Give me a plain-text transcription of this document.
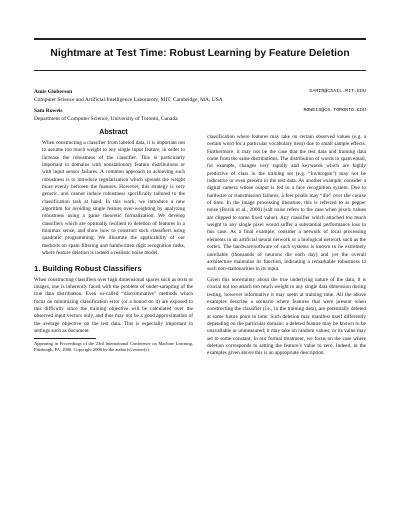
Nightmare at Test Time: Robust Learning by Feature Deletion
Amir Globerson	GAMIR@CSAIL.MIT.EDU
Computer Science and Artificial Intelligence Laboratory, MIT, Cambridge, MA, USA
Sam Roweis	ROWEIS@CS.TORONTO.EDU
Department of Computer Science, University of Toronto, Canada
Abstract

When constructing a classifier from labeled data, it is important not to assume too much weight to any single input feature, in order to increase the robustness of the classifier. This is particularly important in domains with nonstationary feature distributions or with input sensor failures. A common approach to achieving such robustness is to introduce regularization which spreads the weight more evenly between the features. However, this strategy is very generic, and cannot induce robustness specifically tailored to the classification task at hand. In this work, we introduce a new algorithm for avoiding single feature over-weighting by analyzing robustness using a game theoretic formalization. We develop classifiers which are optimally resilient to deletion of features in a minimax sense, and show how to construct such classifiers using quadratic programming. We illustrate the applicability of our methods on spam filtering and handwritten digit recognition tasks, where feature deletion is indeed a realistic noise model.

1. Building Robust Classifiers

When constructing classifiers over high dimensional spaces such as texts or images, one is inherently faced with the problem of under-sampling of the true data distribution. Even so-called “discriminative” methods which focus on minimizing classification error (or a bound on it) are exposed to this difficulty since the training objective will be calculated over the observed input vectors only, and thus may not be a good approximation of the average objective on the test data. This is especially important in settings such as document

Appearing in Proceedings of the 23rd International Conference on Machine Learning, Pittsburgh, PA, 2006. Copyright 2006 by the author(s)/owner(s).

classification where features may take on certain observed values (e.g. a certain word for a particular vocabulary item) due to small sample effects. Furthermore, it may not be the case that the test data and training data come from the same distributions. The distribution of words in spam email, for example, changes very rapidly and keywords which are highly predictive of class in the training set (e.g. “Invitrogen”) may not be indicative or even present in the test data. As another example, consider a digital camera whose output is fed to a face recognition system. Due to hardware or transmission failures, a few pixels may “die” over the course of time. In the image processing literature, this is referred to as pepper noise (Bovik et al., 2000) (salt noise refers to the case when pixels values are clipped to some fixed value). Any classifier which attached too much weight to any single pixel would suffer a substantial performance loss in this case. As a final example, consider a network of local processing elements in an artificial neural network or a biological network such as the cortex. The hardware/software of such systems is known to be extremely unreliable (thousands of neurons die each day) and yet the overall architecture maintains its function, indicating a remarkable robustness to such non-stationarities in its input.

Given this uncertainty about the true underlying nature of the data, it is crucial not too attach too much weight to any single data dimension during testing, however informative it may seem at training time. All the above examples describe a scenario where features that were present when constructing the classifier (i.e., in the training data), are potentially deleted at some future point in time. Such deletion may manifest itself differently depending on the particular domain: a deleted feature may be known to be unavailable or unmeasured; it may take on random values; or its value may set to some constant. In our formal treatment, we focus on the case where deletion corresponds to setting the feature’s value to zero. Indeed, in the examples given above this is an appropriate description.
